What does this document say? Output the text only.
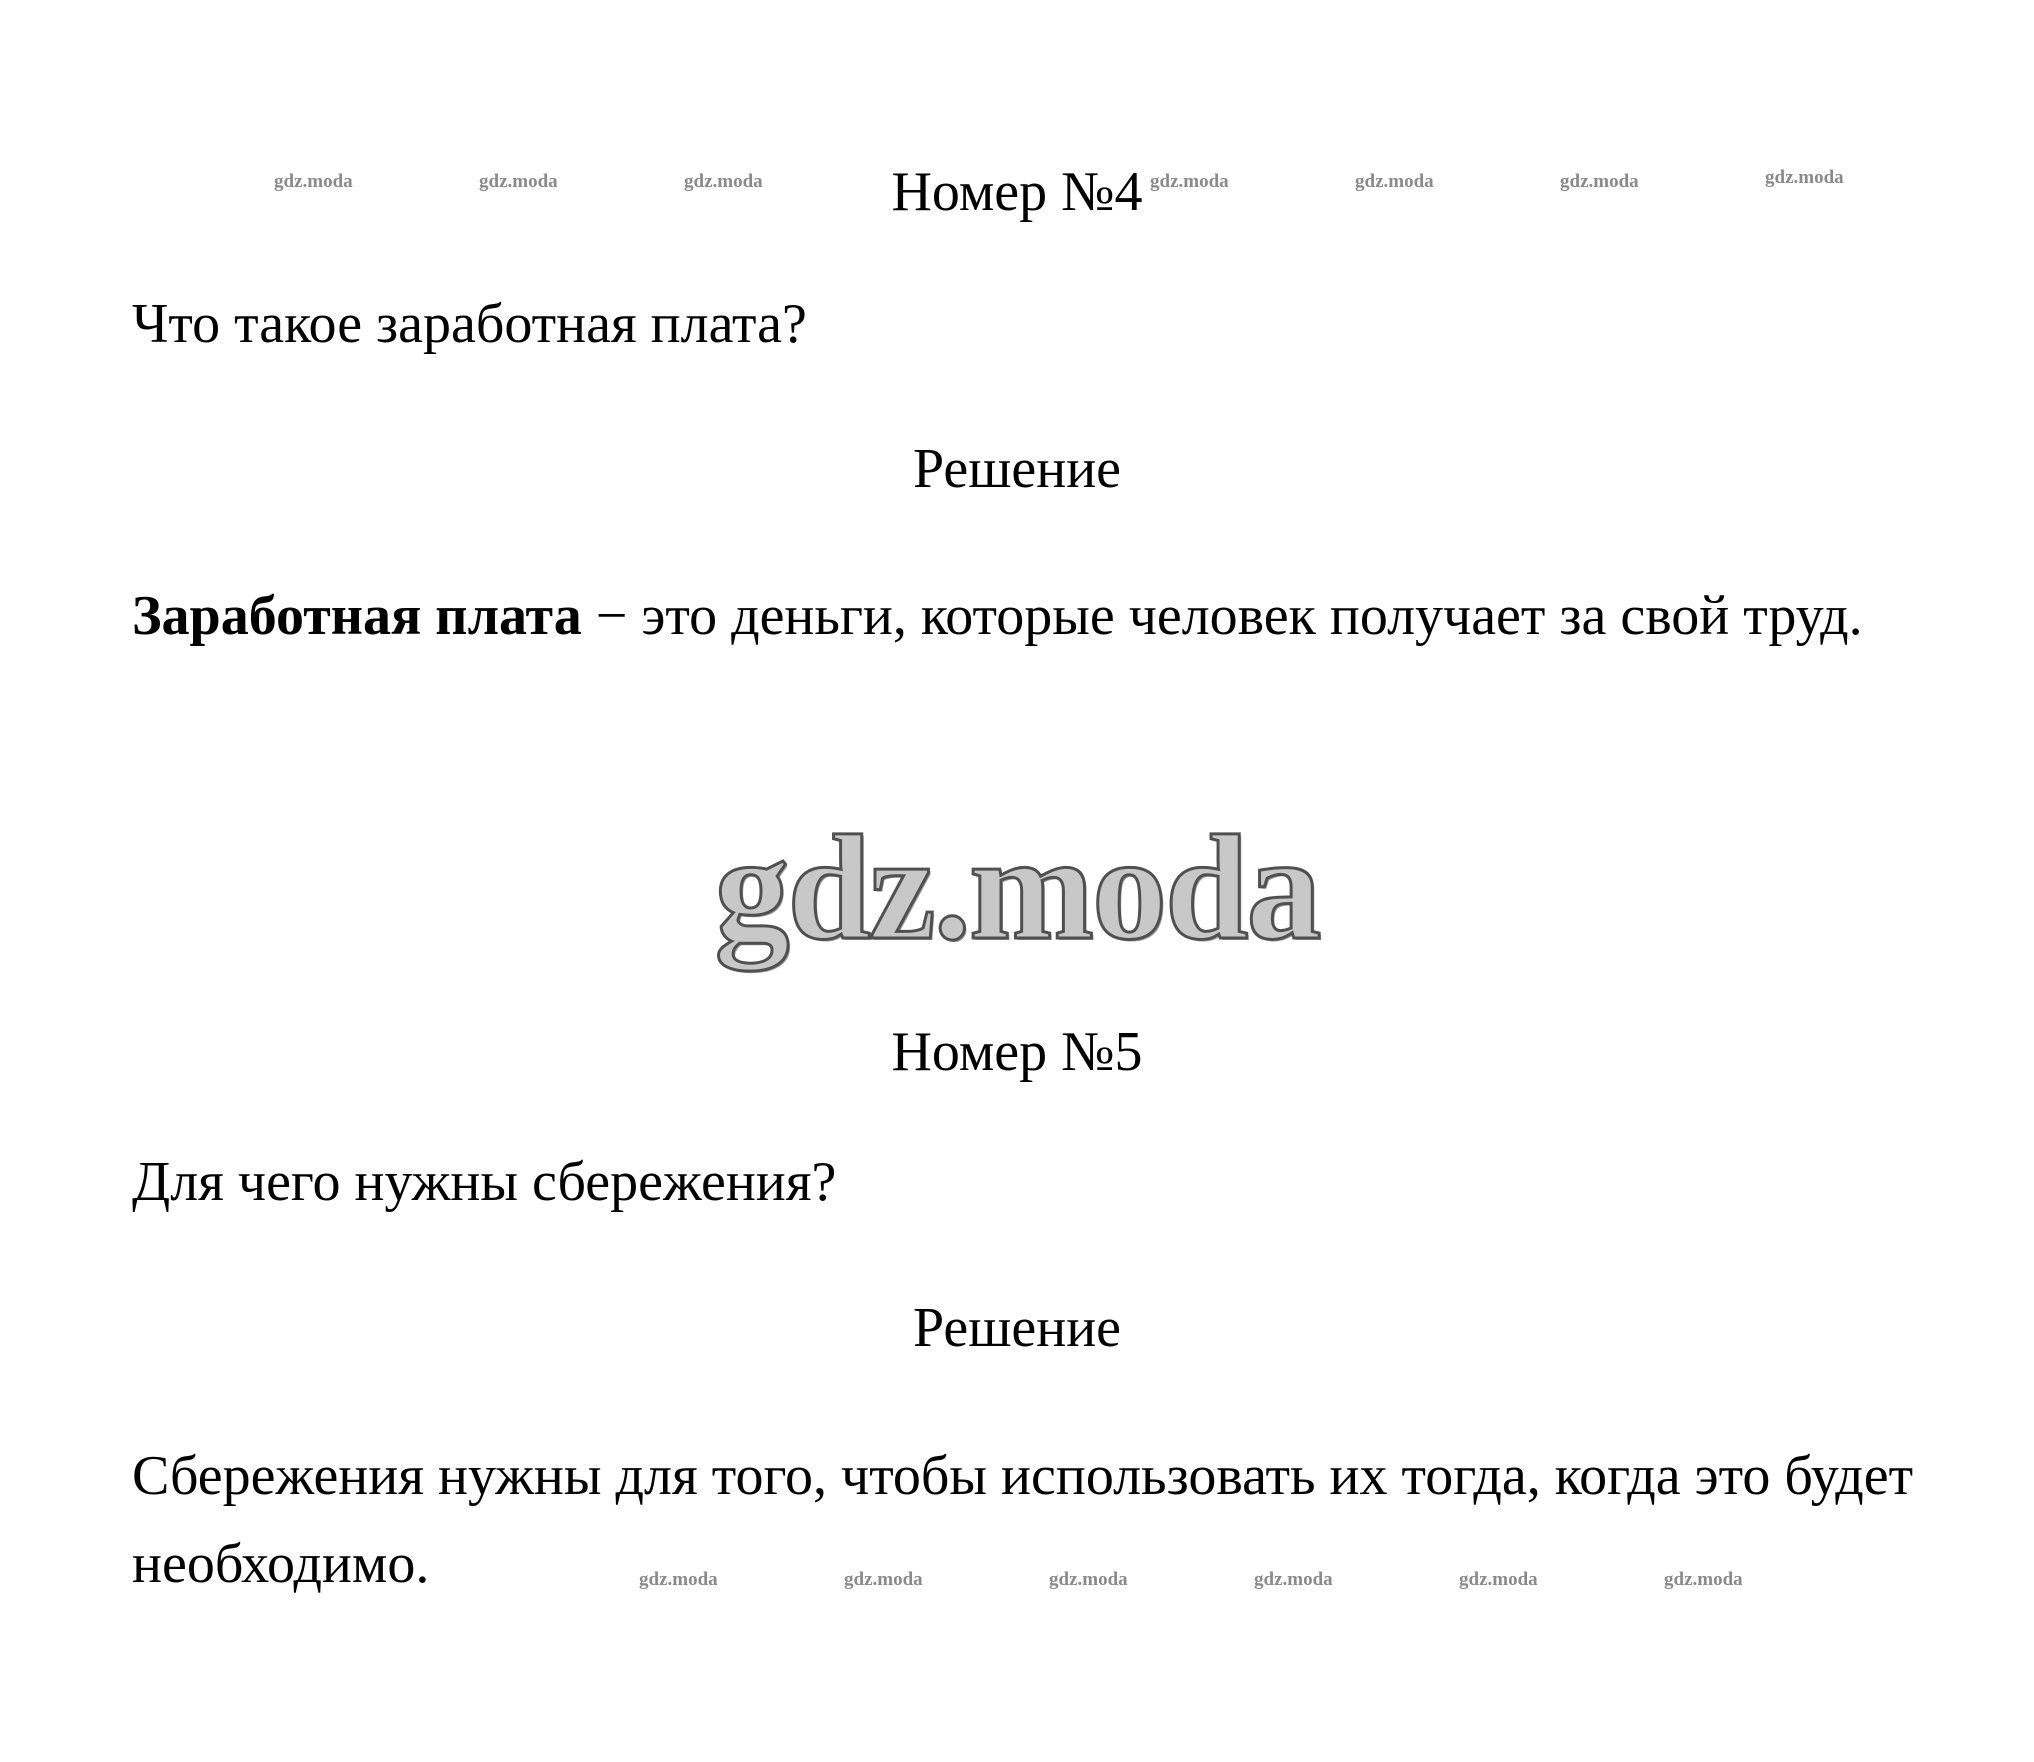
gdz.moda	gdz.moda	gdz.moda	gdz.moda	gdz.moda	gdz.moda	gdz.moda
Номер №4
Что такое заработная плата?
Решение
Заработная плата − это деньги, которые человек получает за свой труд.
gdz.moda
Номер №5
Для чего нужны сбережения?
Решение
Сбережения нужны для того, чтобы использовать их тогда, когда это будет необходимо.	gdz.moda	gdz.moda	gdz.moda	gdz.moda	gdz.moda	gdz.moda
